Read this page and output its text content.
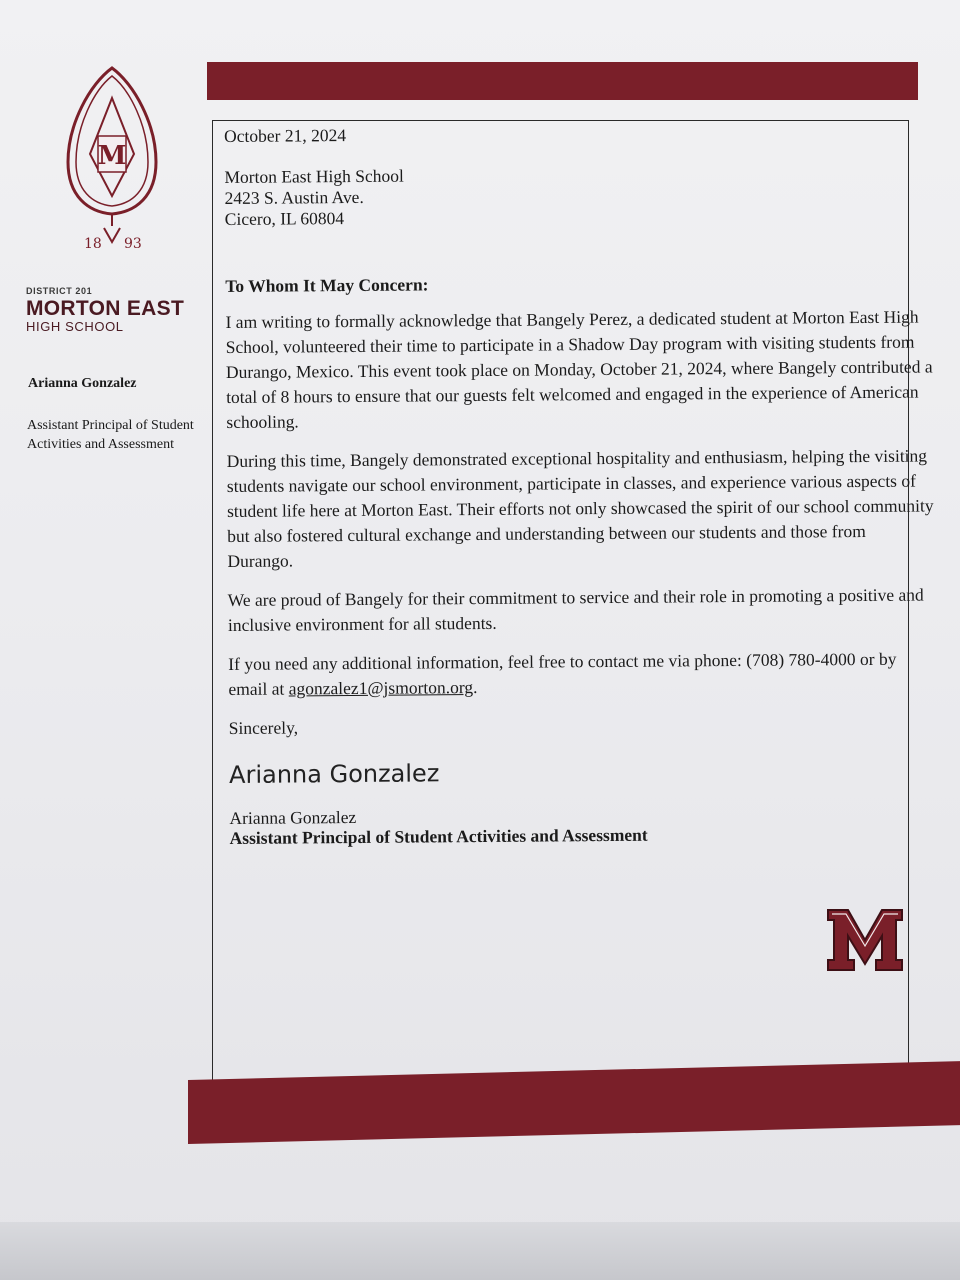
M
18 93
DISTRICT 201
MORTON EAST
HIGH SCHOOL
Arianna Gonzalez
Assistant Principal of Student Activities and Assessment

October 21, 2024

Morton East High School

2423 S. Austin Ave.

Cicero, IL 60804

To Whom It May Concern:

I am writing to formally acknowledge that Bangely Perez, a dedicated student at Morton East High School, volunteered their time to participate in a Shadow Day program with visiting students from Durango, Mexico. This event took place on Monday, October 21, 2024, where Bangely contributed a total of 8 hours to ensure that our guests felt welcomed and engaged in the experience of American schooling.

During this time, Bangely demonstrated exceptional hospitality and enthusiasm, helping the visiting students navigate our school environment, participate in classes, and experience various aspects of student life here at Morton East. Their efforts not only showcased the spirit of our school community but also fostered cultural exchange and understanding between our students and those from Durango.

We are proud of Bangely for their commitment to service and their role in promoting a positive and inclusive environment for all students.

If you need any additional information, feel free to contact me via phone: (708) 780-4000 or by email at agonzalez1@jsmorton.org.

Sincerely,

Arianna Gonzalez

Arianna Gonzalez

Assistant Principal of Student Activities and Assessment
